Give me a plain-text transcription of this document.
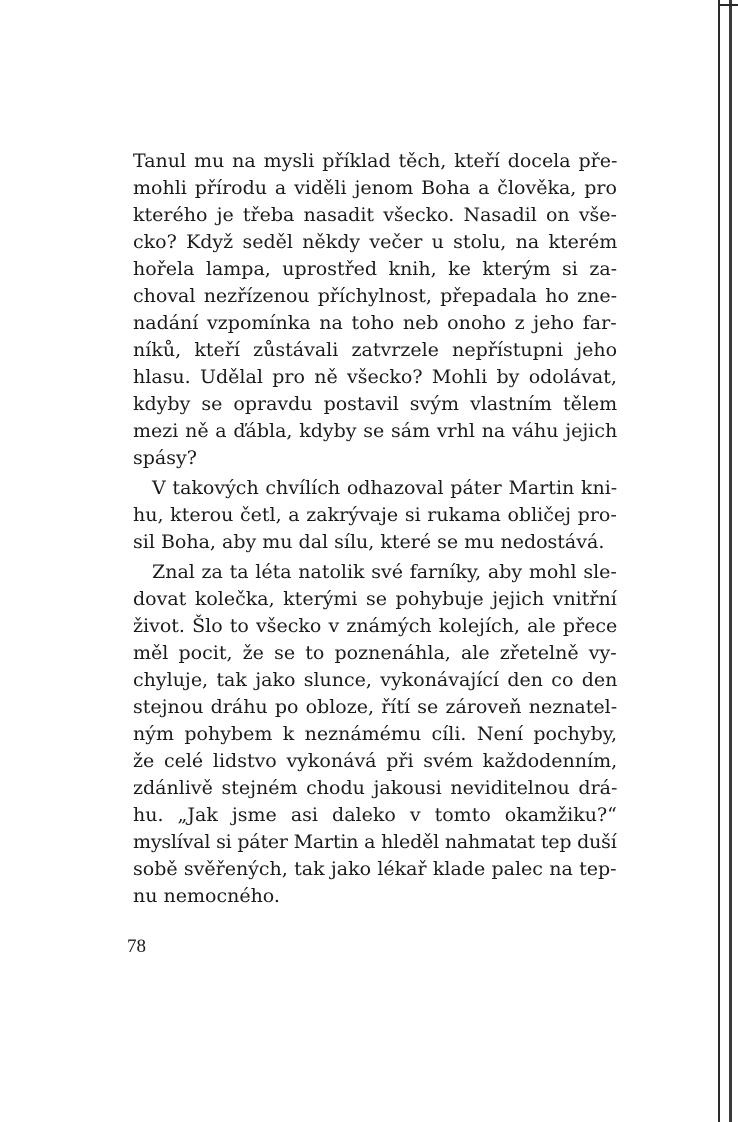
Tanul mu na mysli příklad těch, kteří docela pře-
mohli přírodu a viděli jenom Boha a člověka, pro
kterého je třeba nasadit všecko. Nasadil on vše-
cko? Když seděl někdy večer u stolu, na kterém
hořela lampa, uprostřed knih, ke kterým si za-
choval nezřízenou příchylnost, přepadala ho zne-
nadání vzpomínka na toho neb onoho z jeho far-
níků, kteří zůstávali zatvrzele nepřístupni jeho
hlasu. Udělal pro ně všecko? Mohli by odolávat,
kdyby se opravdu postavil svým vlastním tělem
mezi ně a ďábla, kdyby se sám vrhl na váhu jejich
spásy?
V takových chvílích odhazoval páter Martin kni-
hu, kterou četl, a zakrývaje si rukama obličej pro-
sil Boha, aby mu dal sílu, které se mu nedostává.
Znal za ta léta natolik své farníky, aby mohl sle-
dovat kolečka, kterými se pohybuje jejich vnitřní
život. Šlo to všecko v známých kolejích, ale přece
měl pocit, že se to poznenáhla, ale zřetelně vy-
chyluje, tak jako slunce, vykonávající den co den
stejnou dráhu po obloze, řítí se zároveň neznatel-
ným pohybem k neznámému cíli. Není pochyby,
že celé lidstvo vykonává při svém každodenním,
zdánlivě stejném chodu jakousi neviditelnou drá-
hu. „Jak jsme asi daleko v tomto okamžiku?“
myslíval si páter Martin a hleděl nahmatat tep duší
sobě svěřených, tak jako lékař klade palec na tep-
nu nemocného.
78
